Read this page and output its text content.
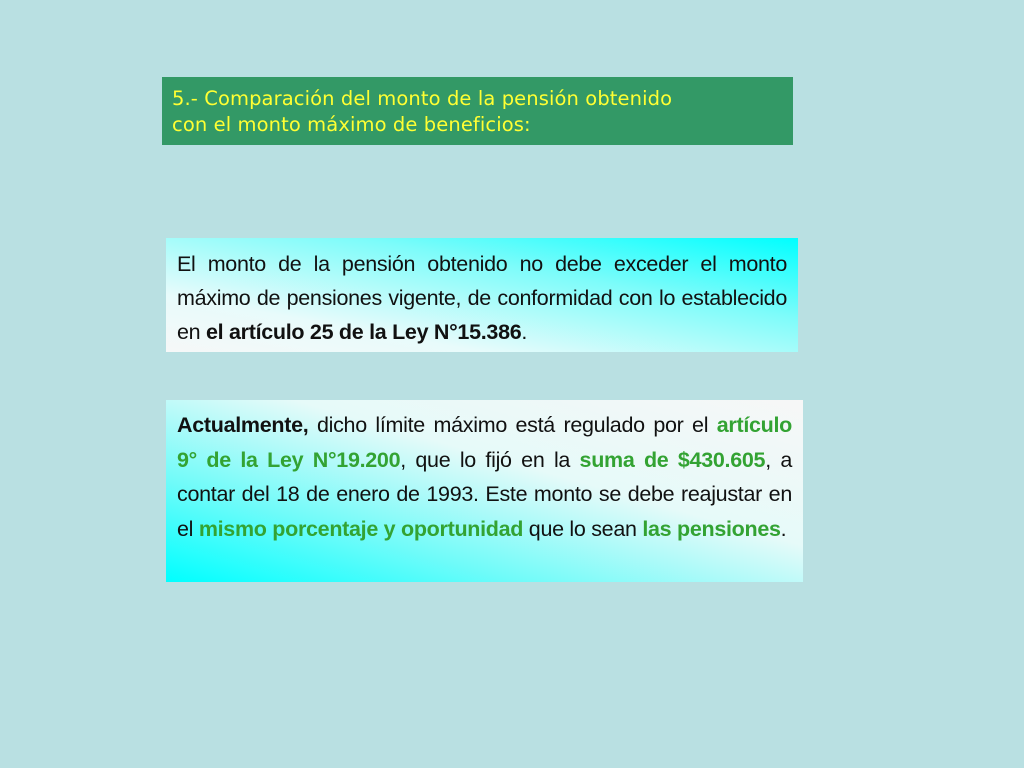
5.- Comparación del monto de la pensión obtenido
con el monto máximo de beneficios:
El monto de la pensión obtenido no debe exceder el monto máximo de pensiones vigente, de conformidad con lo establecido en el artículo 25 de la Ley N°15.386.
Actualmente, dicho límite máximo está regulado por el artículo 9° de la Ley N°19.200, que lo fijó en la suma de $430.605, a contar del 18 de enero de 1993. Este monto se debe reajustar en el mismo porcentaje y oportunidad que lo sean las pensiones.
